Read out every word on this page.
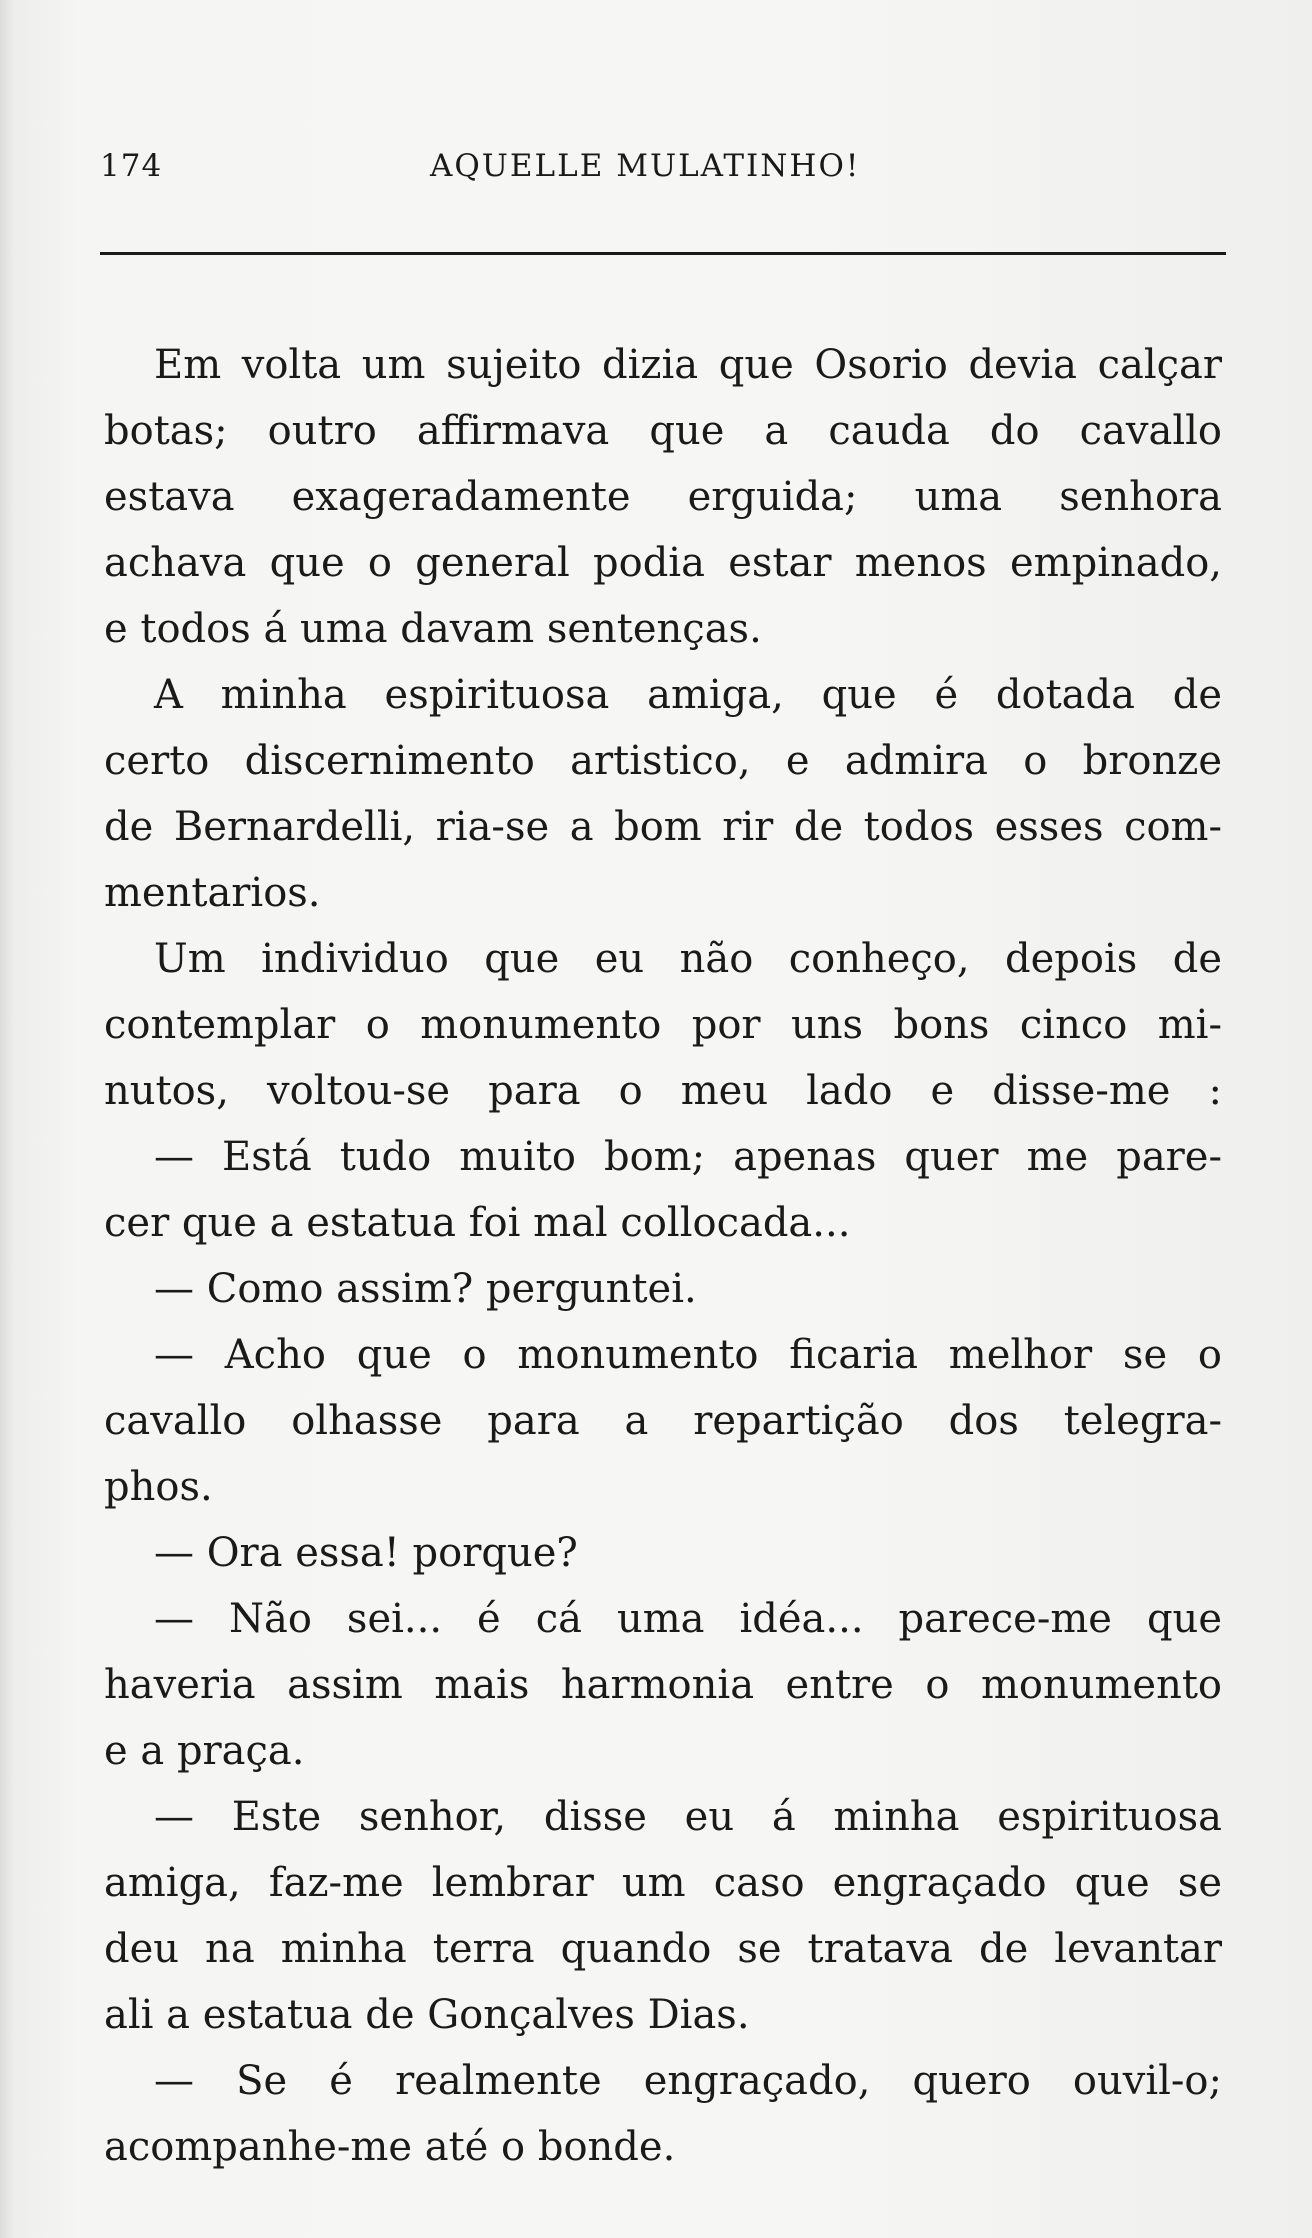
174	AQUELLE MULATINHO!
Em volta um sujeito dizia que Osorio devia calçar
botas; outro affirmava que a cauda do cavallo
estava exageradamente erguida; uma senhora
achava que o general podia estar menos empinado,
e todos á uma davam sentenças.
A minha espirituosa amiga, que é dotada de
certo discernimento artistico, e admira o bronze
de Bernardelli, ria-se a bom rir de todos esses com-
mentarios.
Um individuo que eu não conheço, depois de
contemplar o monumento por uns bons cinco mi-
nutos, voltou-se para o meu lado e disse-me :
— Está tudo muito bom; apenas quer me pare-
cer que a estatua foi mal collocada...
— Como assim? perguntei.
— Acho que o monumento ficaria melhor se o
cavallo olhasse para a repartição dos telegra-
phos.
— Ora essa! porque?
— Não sei... é cá uma idéa... parece-me que
haveria assim mais harmonia entre o monumento
e a praça.
— Este senhor, disse eu á minha espirituosa
amiga, faz-me lembrar um caso engraçado que se
deu na minha terra quando se tratava de levantar
ali a estatua de Gonçalves Dias.
— Se é realmente engraçado, quero ouvil-o;
acompanhe-me até o bonde.
